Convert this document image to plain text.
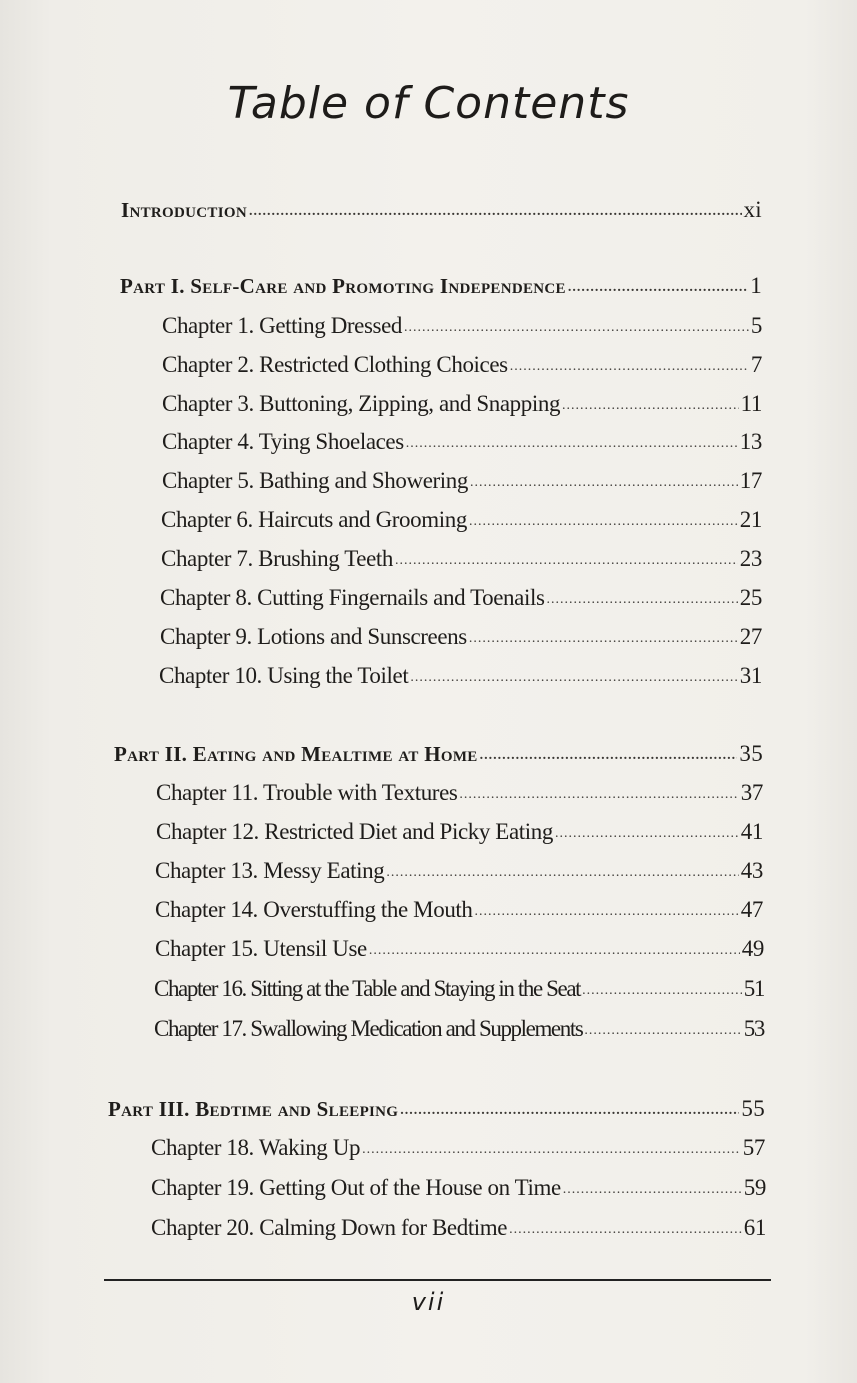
Table of Contents
Introduction .....	xi
Part I. Self-Care and Promoting Independence .....	1
Chapter 1. Getting Dressed .....	5
Chapter 2. Restricted Clothing Choices .....	7
Chapter 3. Buttoning, Zipping, and Snapping .....	11
Chapter 4. Tying Shoelaces .....	13
Chapter 5. Bathing and Showering .....	17
Chapter 6. Haircuts and Grooming .....	21
Chapter 7. Brushing Teeth .....	23
Chapter 8. Cutting Fingernails and Toenails .....	25
Chapter 9. Lotions and Sunscreens .....	27
Chapter 10. Using the Toilet .....	31
Part II. Eating and Mealtime at Home .....	35
Chapter 11. Trouble with Textures .....	37
Chapter 12. Restricted Diet and Picky Eating .....	41
Chapter 13. Messy Eating .....	43
Chapter 14. Overstuffing the Mouth .....	47
Chapter 15. Utensil Use .....	49
Chapter 16. Sitting at the Table and Staying in the Seat .....	51
Chapter 17. Swallowing Medication and Supplements .....	53
Part III. Bedtime and Sleeping .....	55
Chapter 18. Waking Up .....	57
Chapter 19. Getting Out of the House on Time .....	59
Chapter 20. Calming Down for Bedtime .....	61
vii
